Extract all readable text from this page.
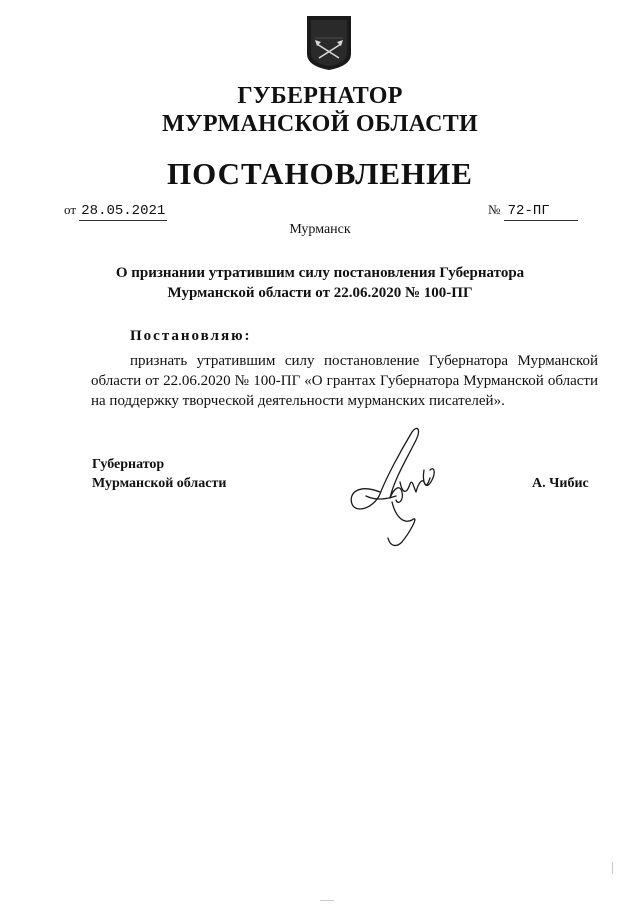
ГУБЕРНАТОР
МУРМАНСКОЙ ОБЛАСТИ
ПОСТАНОВЛЕНИЕ
от 28.05.2021	№ 72-ПГ
Мурманск
О признании утратившим силу постановления Губернатора Мурманской области от 22.06.2020 № 100-ПГ
Постановляю:
признать утратившим силу постановление Губернатора Мурманской области от 22.06.2020 № 100-ПГ «О грантах Губернатора Мурманской области на поддержку творческой деятельности мурманских писателей».
Губернатор
Мурманской области	А. Чибис
